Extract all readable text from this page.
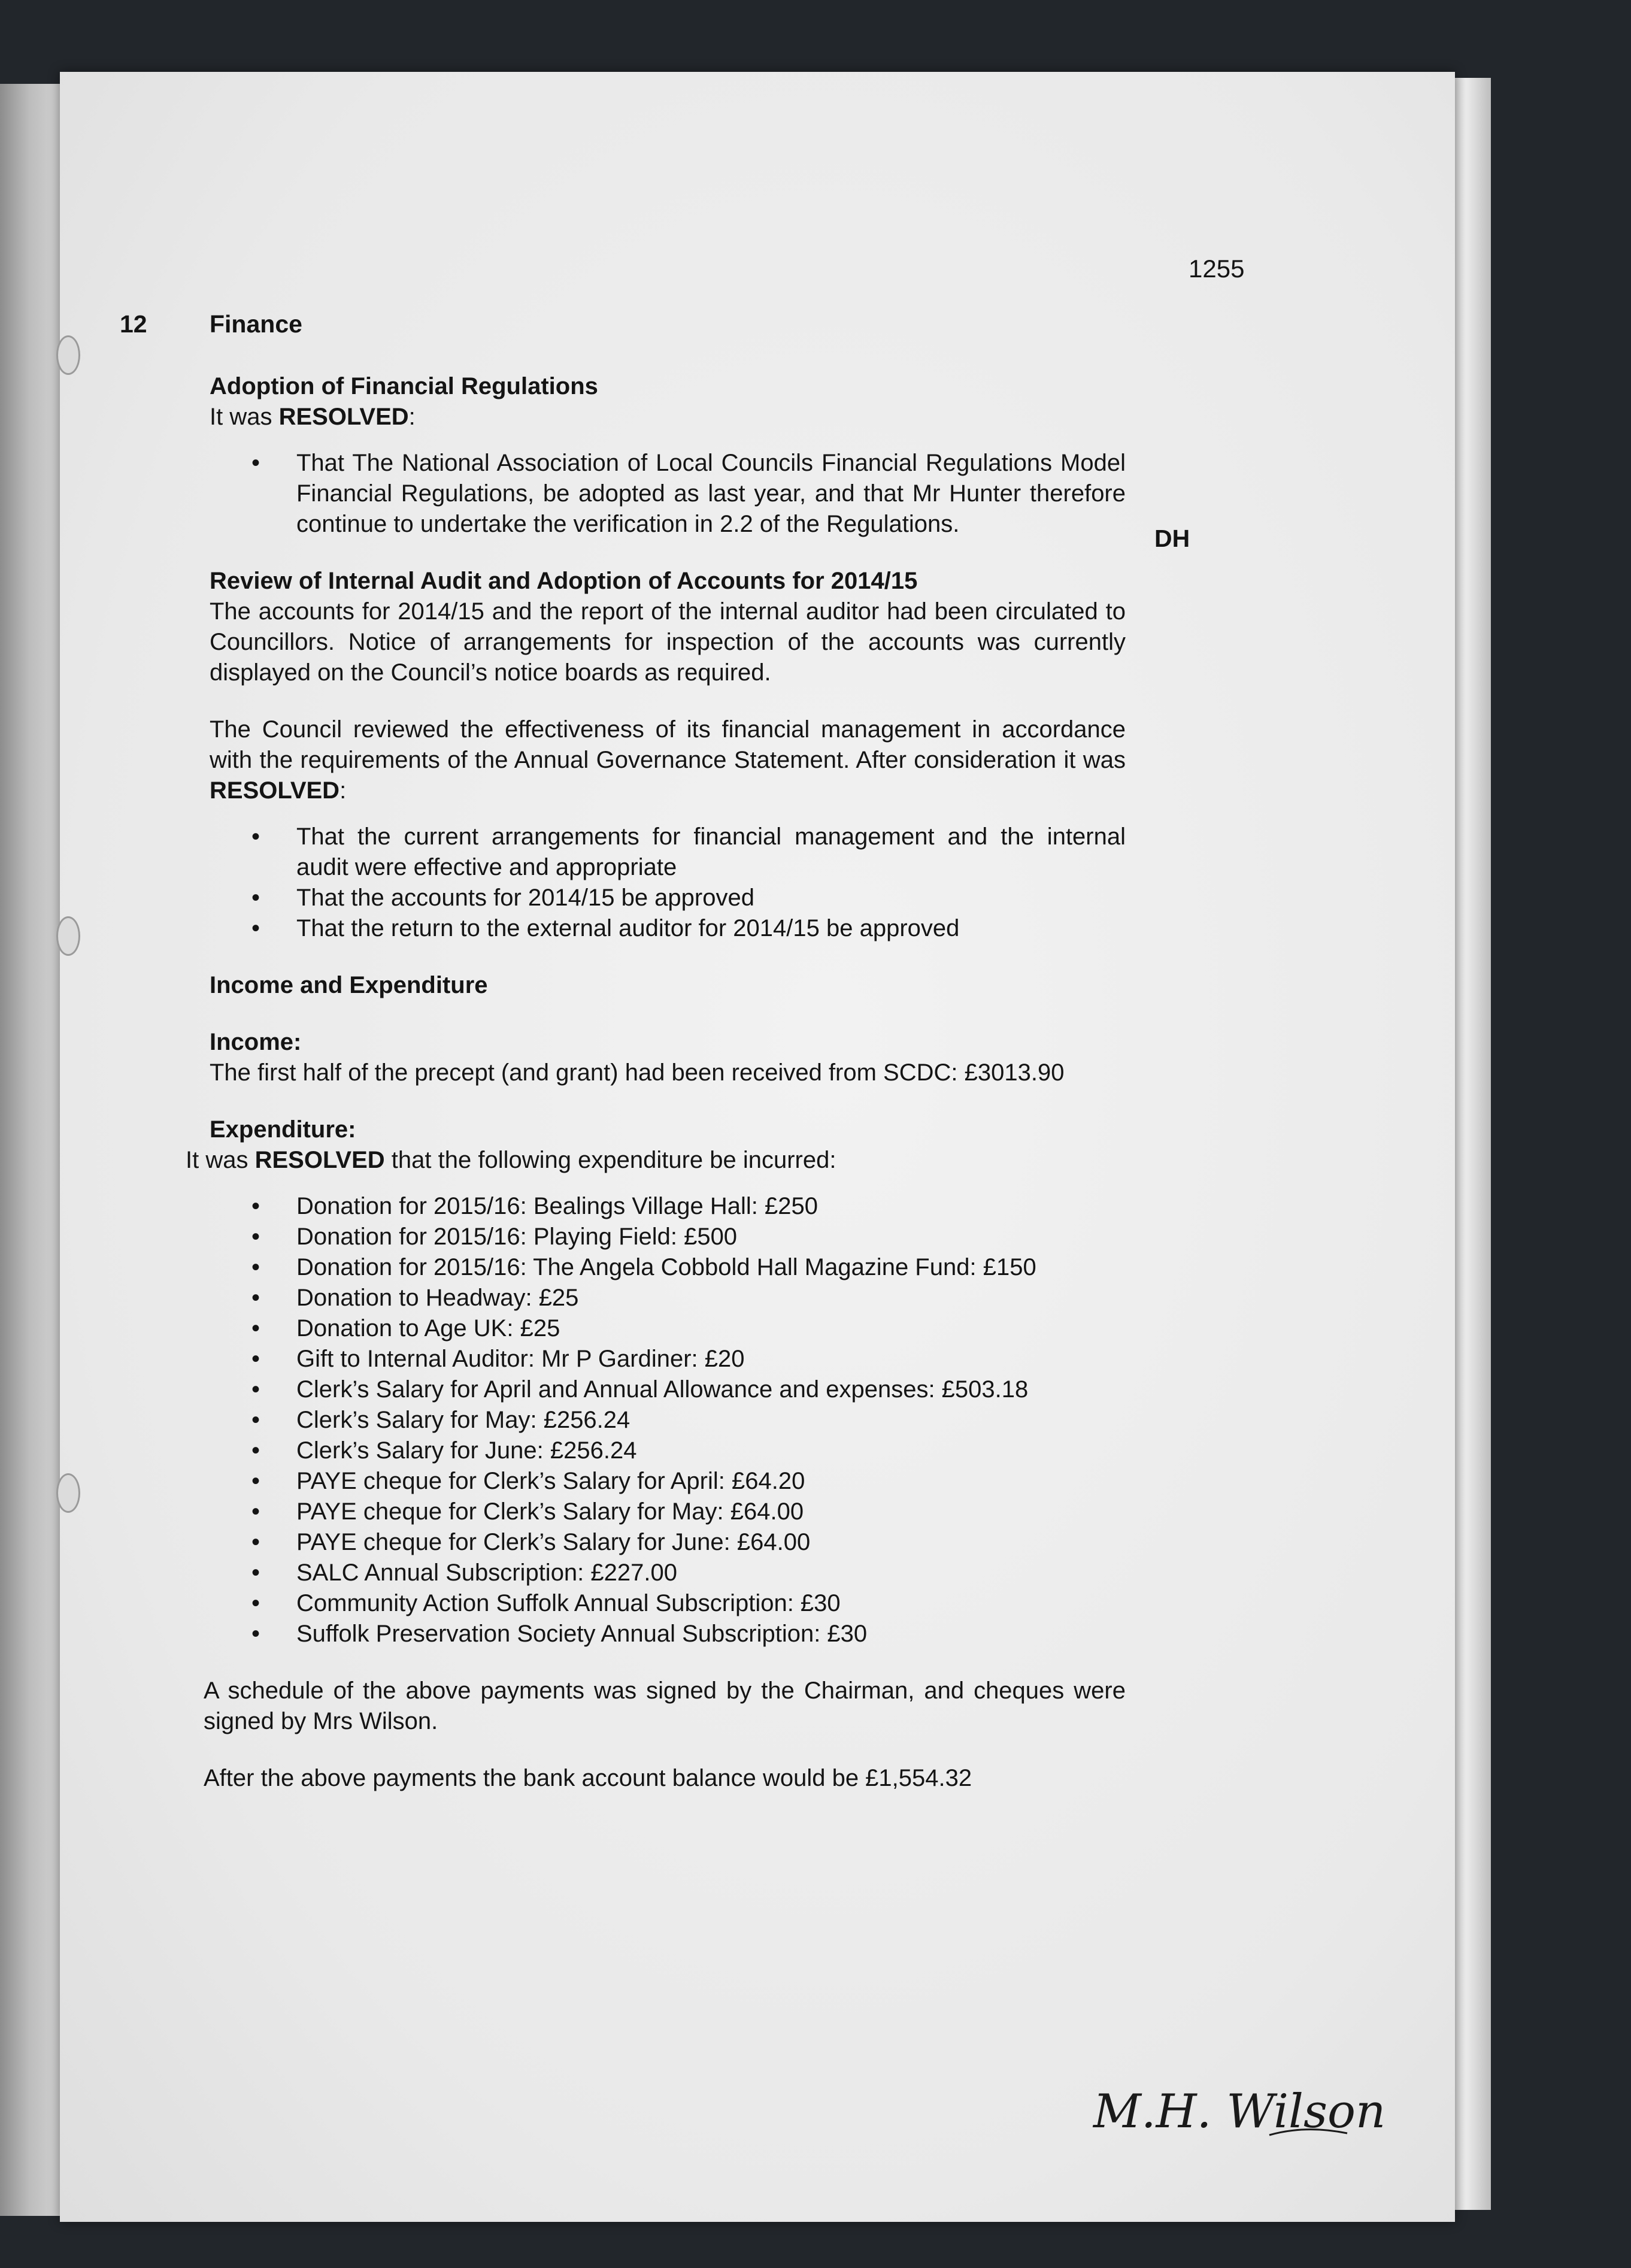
1255
12	Finance
DH

Adoption of Financial Regulations

It was RESOLVED:

• That The National Association of Local Councils Financial Regulations Model Financial Regulations, be adopted as last year, and that Mr Hunter therefore continue to undertake the verification in 2.2 of the Regulations.

Review of Internal Audit and Adoption of Accounts for 2014/15

The accounts for 2014/15 and the report of the internal auditor had been circulated to Councillors. Notice of arrangements for inspection of the accounts was currently displayed on the Council’s notice boards as required.

The Council reviewed the effectiveness of its financial management in accordance with the requirements of the Annual Governance Statement. After consideration it was RESOLVED:

• That the current arrangements for financial management and the internal audit were effective and appropriate
• That the accounts for 2014/15 be approved
• That the return to the external auditor for 2014/15 be approved

Income and Expenditure

Income:

The first half of the precept (and grant) had been received from SCDC: £3013.90

Expenditure:

It was RESOLVED that the following expenditure be incurred:

• Donation for 2015/16: Bealings Village Hall: £250
• Donation for 2015/16: Playing Field: £500
• Donation for 2015/16: The Angela Cobbold Hall Magazine Fund: £150
• Donation to Headway: £25
• Donation to Age UK: £25
• Gift to Internal Auditor: Mr P Gardiner: £20
• Clerk’s Salary for April and Annual Allowance and expenses: £503.18
• Clerk’s Salary for May: £256.24
• Clerk’s Salary for June: £256.24
• PAYE cheque for Clerk’s Salary for April: £64.20
• PAYE cheque for Clerk’s Salary for May: £64.00
• PAYE cheque for Clerk’s Salary for June: £64.00
• SALC Annual Subscription: £227.00
• Community Action Suffolk Annual Subscription: £30
• Suffolk Preservation Society Annual Subscription: £30

A schedule of the above payments was signed by the Chairman, and cheques were signed by Mrs Wilson.

After the above payments the bank account balance would be £1,554.32

M.H. Wilson
